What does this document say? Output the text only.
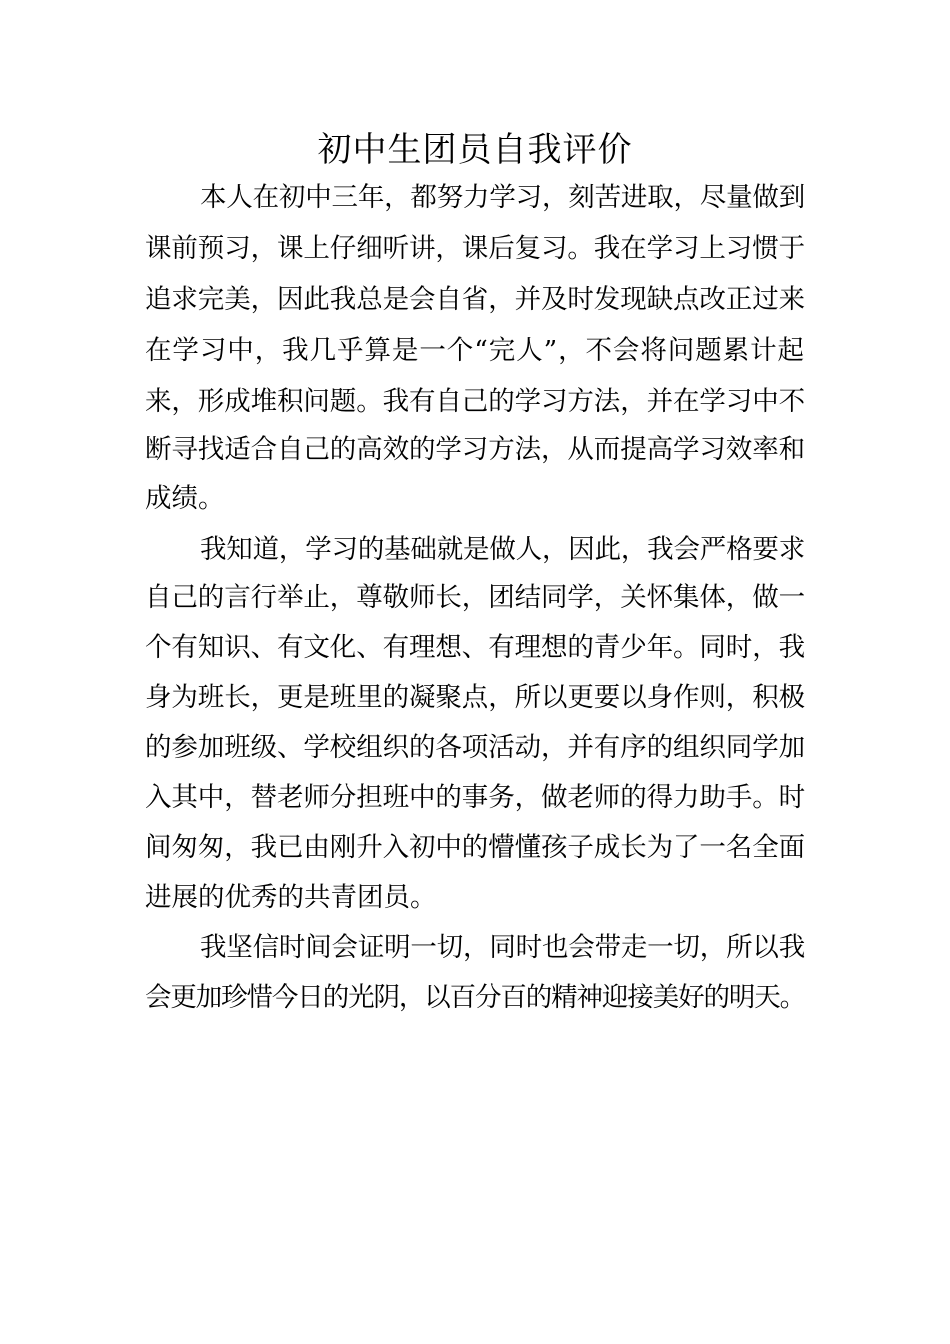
初中生团员自我评价

本人在初中三年，都努力学习，刻苦进取，尽量做到

课前预习，课上仔细听讲，课后复习。我在学习上习惯于

追求完美，因此我总是会自省，并及时发现缺点改正过来

在学习中，我几乎算是一个“完人”，不会将问题累计起

来，形成堆积问题。我有自己的学习方法，并在学习中不

断寻找适合自己的高效的学习方法，从而提高学习效率和

成绩。

我知道，学习的基础就是做人，因此，我会严格要求

自己的言行举止，尊敬师长，团结同学，关怀集体，做一

个有知识、有文化、有理想、有理想的青少年。同时，我

身为班长，更是班里的凝聚点，所以更要以身作则，积极

的参加班级、学校组织的各项活动，并有序的组织同学加

入其中，替老师分担班中的事务，做老师的得力助手。时

间匆匆，我已由刚升入初中的懵懂孩子成长为了一名全面

进展的优秀的共青团员。

我坚信时间会证明一切，同时也会带走一切，所以我

会更加珍惜今日的光阴，以百分百的精神迎接美好的明天。
